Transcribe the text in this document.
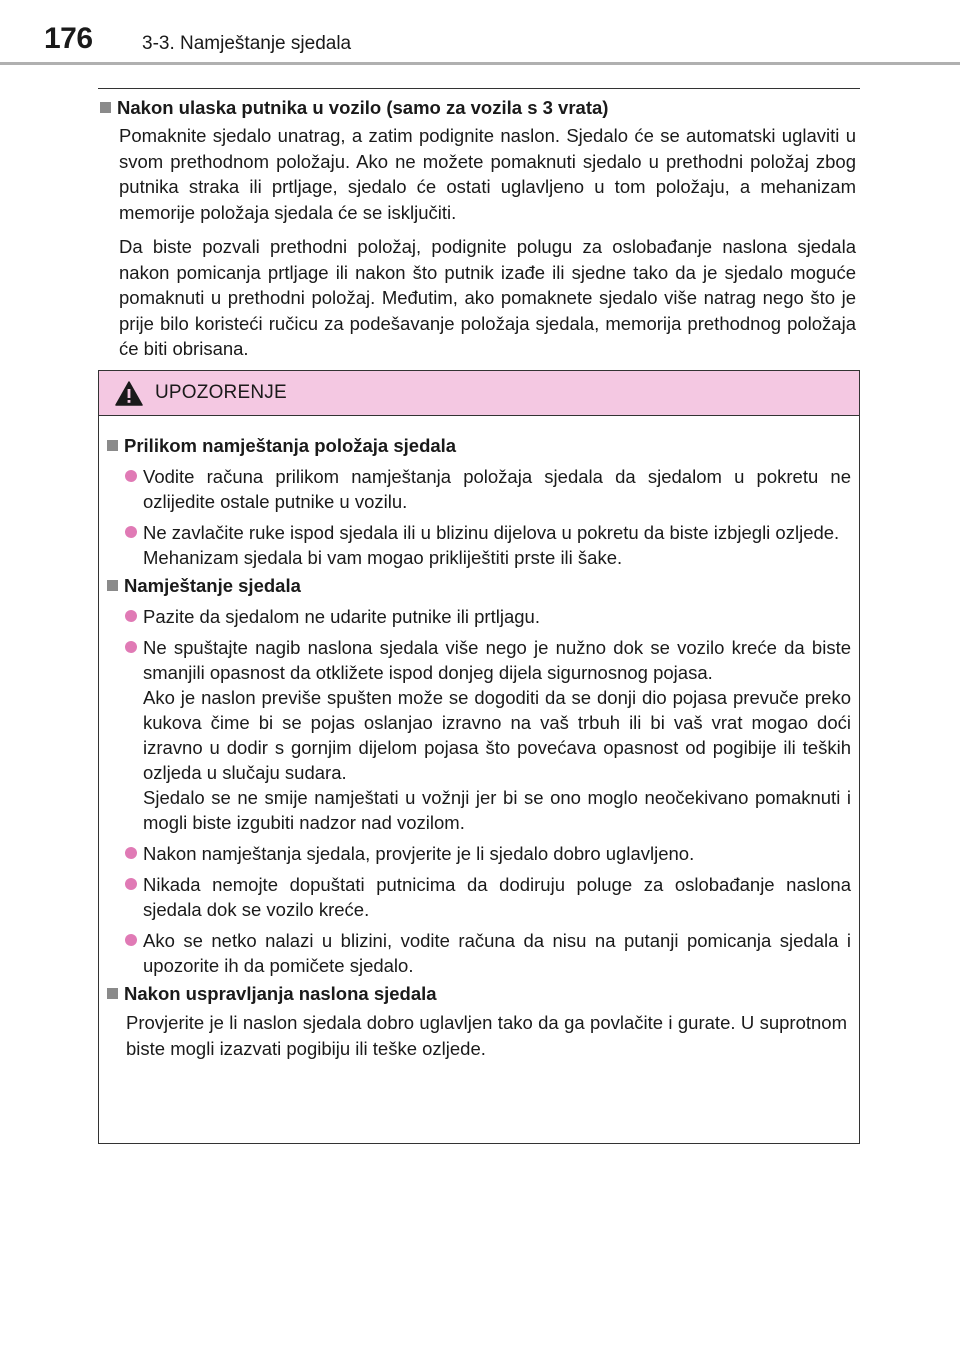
176	3-3. Namještanje sjedala
Nakon ulaska putnika u vozilo (samo za vozila s 3 vrata)

Pomaknite sjedalo unatrag, a zatim podignite naslon. Sjedalo će se automatski uglaviti u svom prethodnom položaju. Ako ne možete pomaknuti sjedalo u prethodni položaj zbog putnika straka ili prtljage, sjedalo će ostati uglavljeno u tom položaju, a mehanizam memorije položaja sjedala će se isključiti.

Da biste pozvali prethodni položaj, podignite polugu za oslobađanje naslona sjedala nakon pomicanja prtljage ili nakon što putnik izađe ili sjedne tako da je sjedalo moguće pomaknuti u prethodni položaj. Međutim, ako pomaknete sjedalo više natrag nego što je prije bilo koristeći ručicu za podešavanje položaja sjedala, memorija prethodnog položaja će biti obrisana.

UPOZORENJE
Prilikom namještanja položaja sjedala

Vodite računa prilikom namještanja položaja sjedala da sjedalom u pokretu ne ozlijedite ostale putnike u vozilu.

Ne zavlačite ruke ispod sjedala ili u blizinu dijelova u pokretu da biste izbjegli ozljede.

Mehanizam sjedala bi vam mogao prikliještiti prste ili šake.

Namještanje sjedala

Pazite da sjedalom ne udarite putnike ili prtljagu.

Ne spuštajte nagib naslona sjedala više nego je nužno dok se vozilo kreće da biste smanjili opasnost da otkližete ispod donjeg dijela sigurnosnog pojasa.

Ako je naslon previše spušten može se dogoditi da se donji dio pojasa prevuče preko kukova čime bi se pojas oslanjao izravno na vaš trbuh ili bi vaš vrat mogao doći izravno u dodir s gornjim dijelom pojasa što povećava opasnost od pogibije ili teških ozljeda u slučaju sudara.

Sjedalo se ne smije namještati u vožnji jer bi se ono moglo neočekivano pomaknuti i mogli biste izgubiti nadzor nad vozilom.

Nakon namještanja sjedala, provjerite je li sjedalo dobro uglavljeno.

Nikada nemojte dopuštati putnicima da dodiruju poluge za oslobađanje naslona sjedala dok se vozilo kreće.

Ako se netko nalazi u blizini, vodite računa da nisu na putanji pomicanja sjedala i upozorite ih da pomičete sjedalo.

Nakon uspravljanja naslona sjedala

Provjerite je li naslon sjedala dobro uglavljen tako da ga povlačite i gurate. U suprotnom biste mogli izazvati pogibiju ili teške ozljede.
